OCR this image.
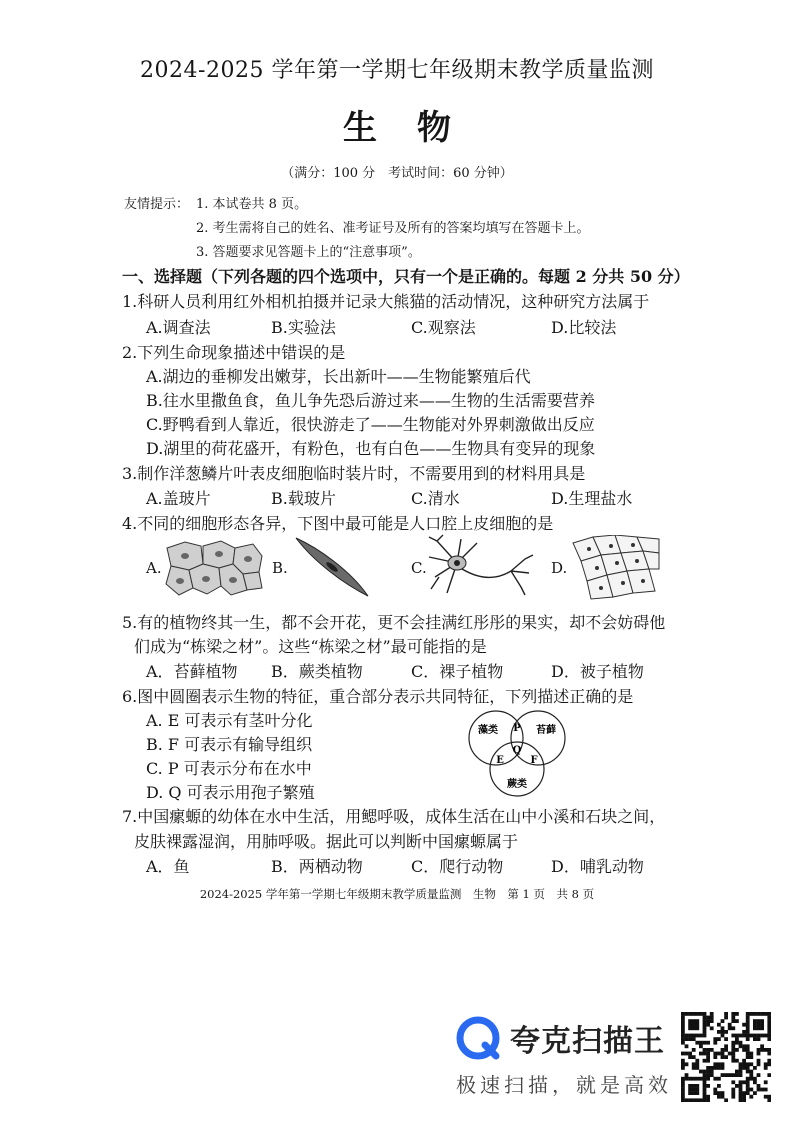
2024-2025 学年第一学期七年级期末教学质量监测
生物
（满分：100 分　考试时间：60 分钟）
友情提示： 1. 本试卷共 8 页。
2. 考生需将自己的姓名、准考证号及所有的答案均填写在答题卡上。
3. 答题要求见答题卡上的“注意事项”。
一、选择题（下列各题的四个选项中，只有一个是正确的。每题 2 分共 50 分）
1.科研人员利用红外相机拍摄并记录大熊猫的活动情况，这种研究方法属于
A.调查法	B.实验法	C.观察法	D.比较法
2.下列生命现象描述中错误的是
A.湖边的垂柳发出嫩芽，长出新叶——生物能繁殖后代
B.往水里撒鱼食，鱼儿争先恐后游过来——生物的生活需要营养
C.野鸭看到人靠近，很快游走了——生物能对外界刺激做出反应
D.湖里的荷花盛开，有粉色，也有白色——生物具有变异的现象
3.制作洋葱鳞片叶表皮细胞临时装片时，不需要用到的材料用具是
A.盖玻片	B.载玻片	C.清水	D.生理盐水
4.不同的细胞形态各异，下图中最可能是人口腔上皮细胞的是
A.	B.	C.	D.
5.有的植物终其一生，都不会开花，更不会挂满红彤彤的果实，却不会妨碍他
们成为“栋梁之材”。这些“栋梁之材”最可能指的是
A．苔藓植物 B．蕨类植物	C．裸子植物	D．被子植物
6.图中圆圈表示生物的特征，重合部分表示共同特征，下列描述正确的是
A. E 可表示有茎叶分化
B. F 可表示有输导组织
C. P 可表示分布在水中
D. Q 可表示用孢子繁殖
藻类	苔藓
蕨类
P
Q
E	F
7.中国瘰螈的幼体在水中生活，用鳃呼吸，成体生活在山中小溪和石块之间，
皮肤裸露湿润，用肺呼吸。据此可以判断中国瘰螈属于
A．鱼	B．两栖动物	C．爬行动物	D．哺乳动物
2024-2025 学年第一学期七年级期末教学质量监测　生物　第 1 页　共 8 页
夸克扫描王
极速扫描，就是高效
